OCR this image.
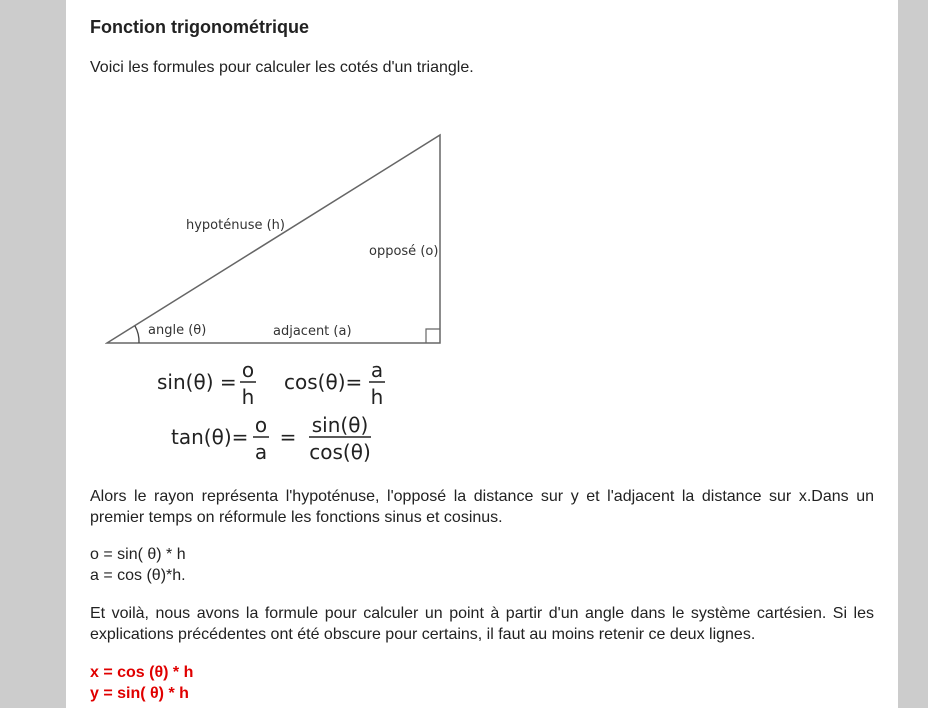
Fonction trigonométrique

Voici les formules pour calculer les cotés d'un triangle.

hypoténuse (h)
opposé (o)
angle (θ)	adjacent (a)
sin(θ) = o
h
cos(θ)= a
h
tan(θ)= o
a
= sin(θ)
cos(θ)

Alors le rayon représenta l'hypoténuse, l'opposé la distance sur y et l'adjacent la distance sur x.Dans un premier temps on réformule les fonctions sinus et cosinus.

o = sin( θ) * h
a = cos (θ)*h.

Et voilà, nous avons la formule pour calculer un point à partir d'un angle dans le système cartésien. Si les explications précédentes ont été obscure pour certains, il faut au moins retenir ce deux lignes.

x = cos (θ) * h
y = sin( θ) * h
